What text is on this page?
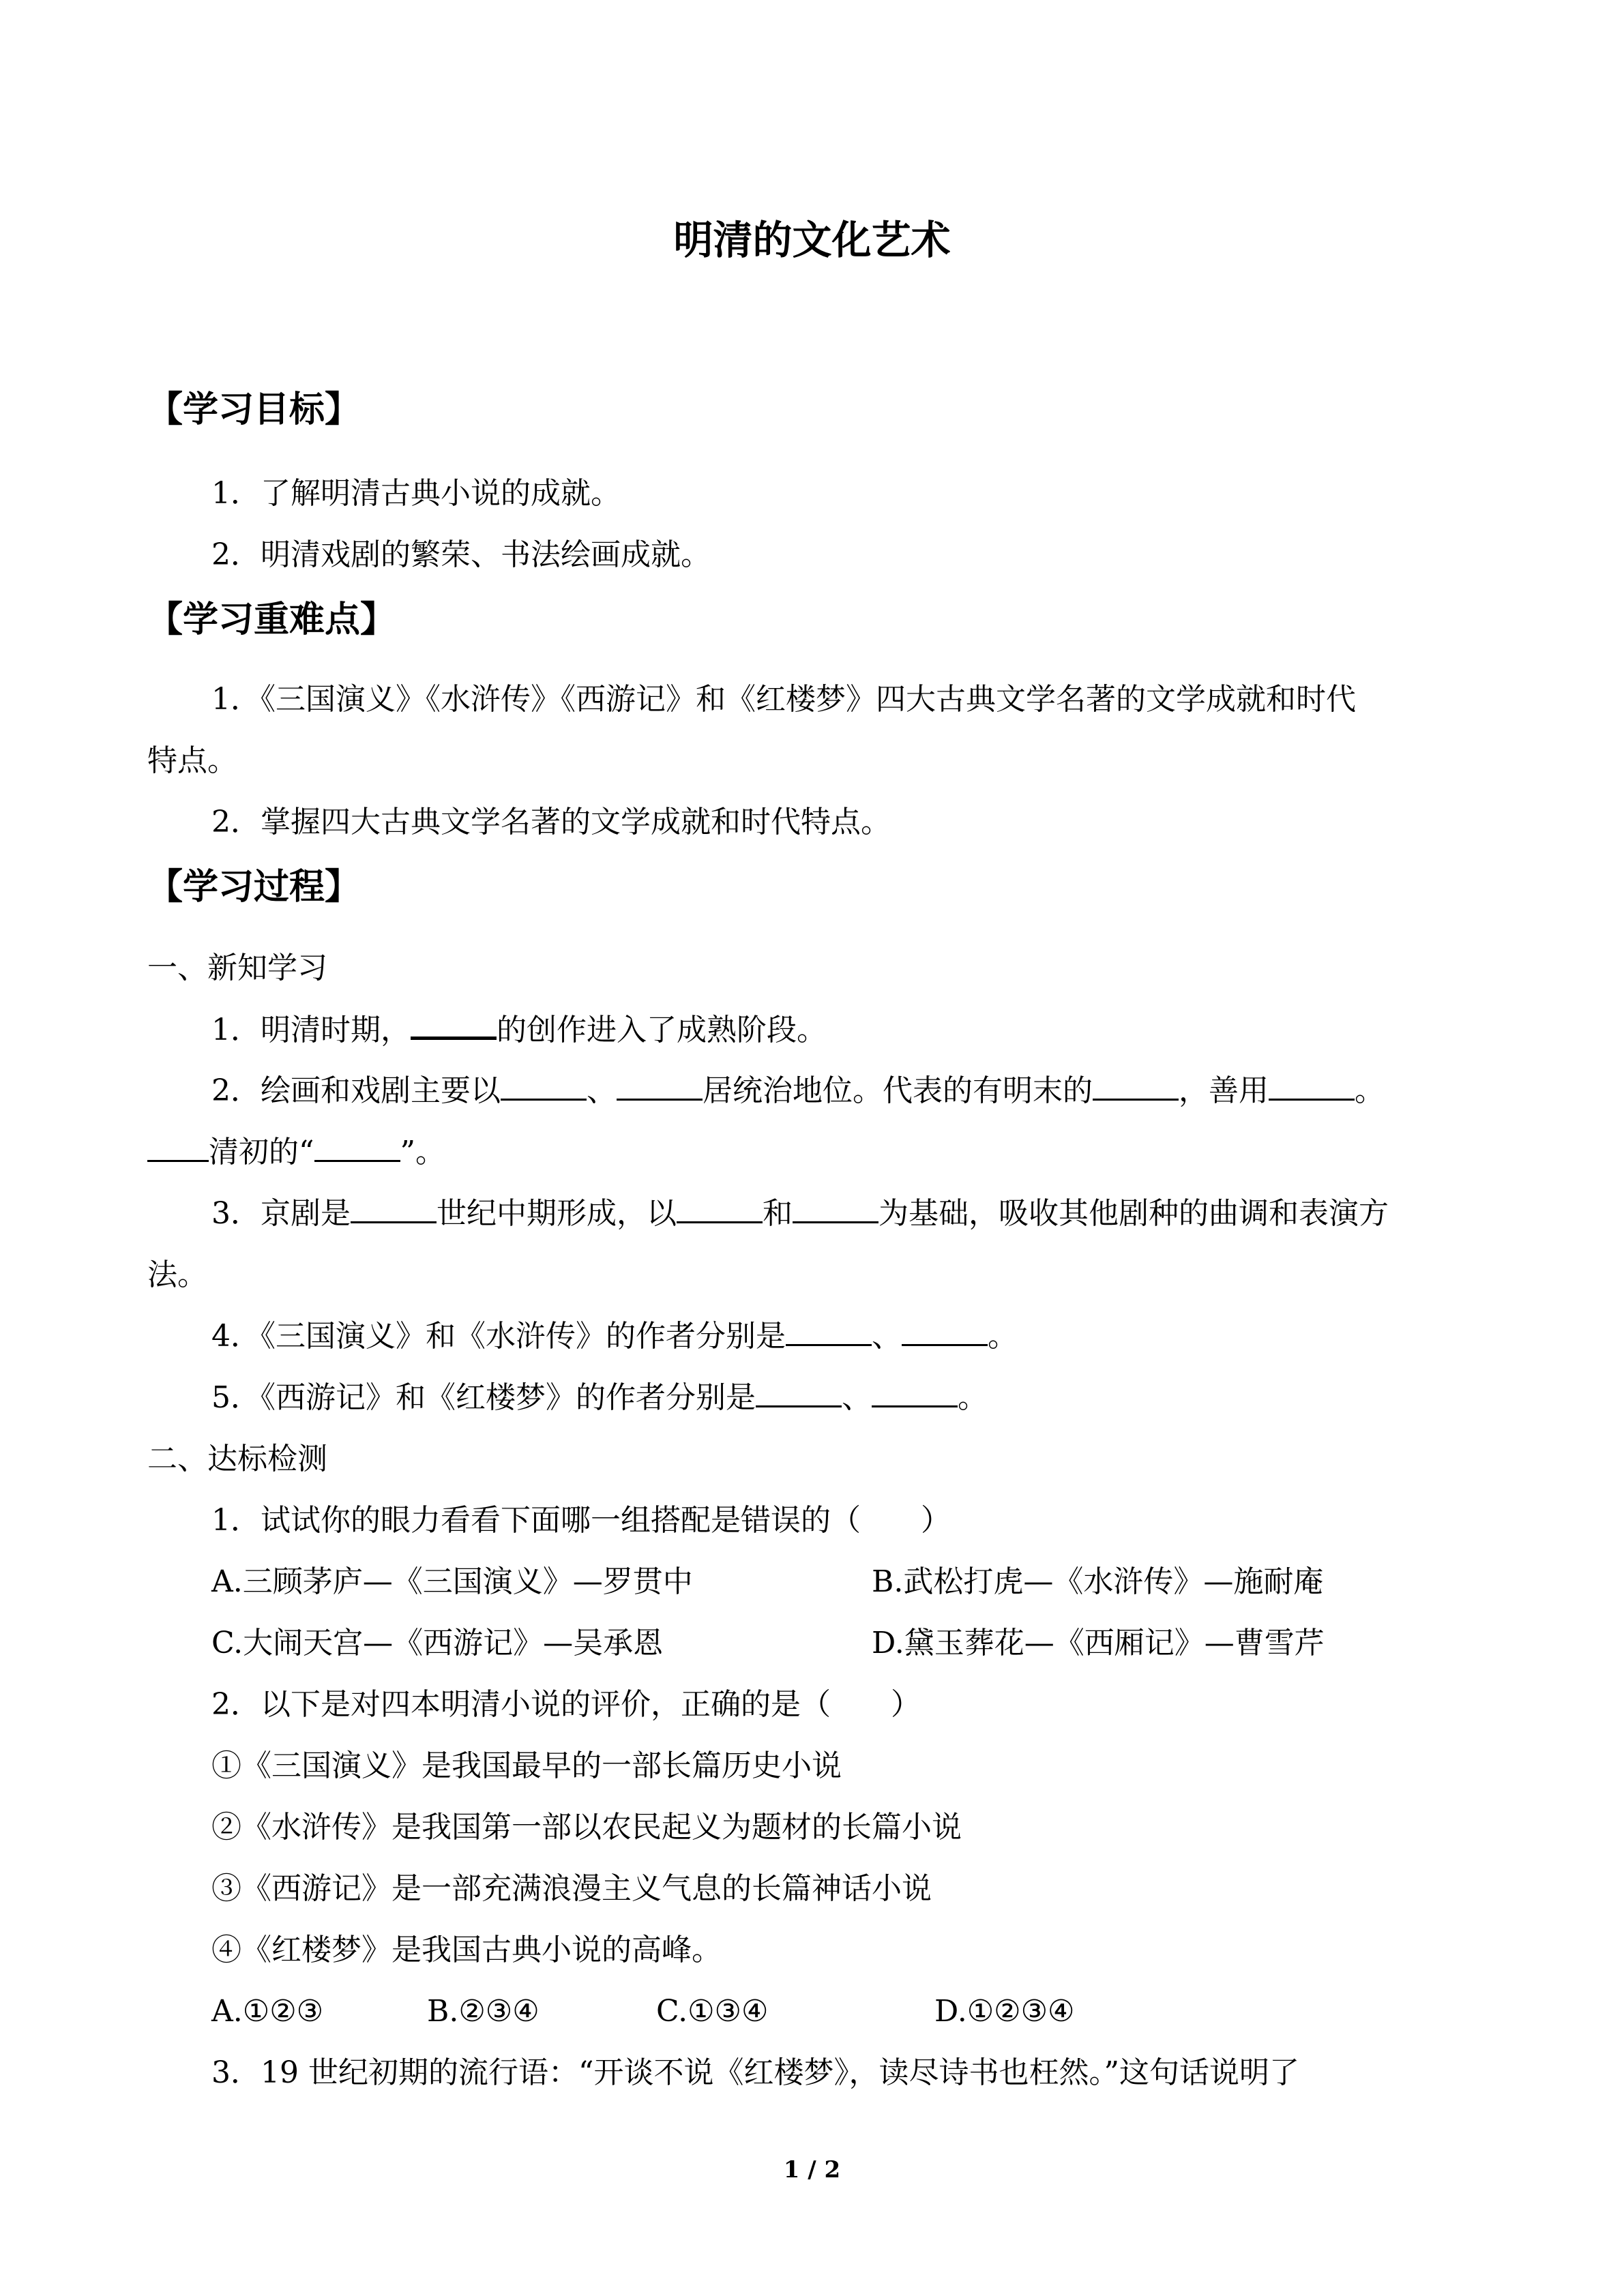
明清的文化艺术
【学习目标】
1．了解明清古典小说的成就。
2．明清戏剧的繁荣、书法绘画成就。
【学习重难点】
1．《三国演义》《水浒传》《西游记》和《红楼梦》四大古典文学名著的文学成就和时代
特点。
2．掌握四大古典文学名著的文学成就和时代特点。
【学习过程】
一、新知学习
1．明清时期，	的创作进入了成熟阶段。
2．绘画和戏剧主要以	、	居统治地位。代表的有明末的	，善用	。
清初的“	”。
3．京剧是	世纪中期形成，以	和	为基础，吸收其他剧种的曲调和表演方
法。
4．《三国演义》和《水浒传》的作者分别是	、	。
5．《西游记》和《红楼梦》的作者分别是	、	。
二、达标检测
1．试试你的眼力看看下面哪一组搭配是错误的（　　）
A.三顾茅庐—《三国演义》—罗贯中	B.武松打虎—《水浒传》—施耐庵
C.大闹天宫—《西游记》—吴承恩	D.黛玉葬花—《西厢记》—曹雪芹
2．以下是对四本明清小说的评价，正确的是（　　）
①《三国演义》是我国最早的一部长篇历史小说
②《水浒传》是我国第一部以农民起义为题材的长篇小说
③《西游记》是一部充满浪漫主义气息的长篇神话小说
④《红楼梦》是我国古典小说的高峰。
A.①②③	B.②③④	C.①③④	D.①②③④
3．19 世纪初期的流行语：“开谈不说《红楼梦》，读尽诗书也枉然。”这句话说明了
1 / 2
